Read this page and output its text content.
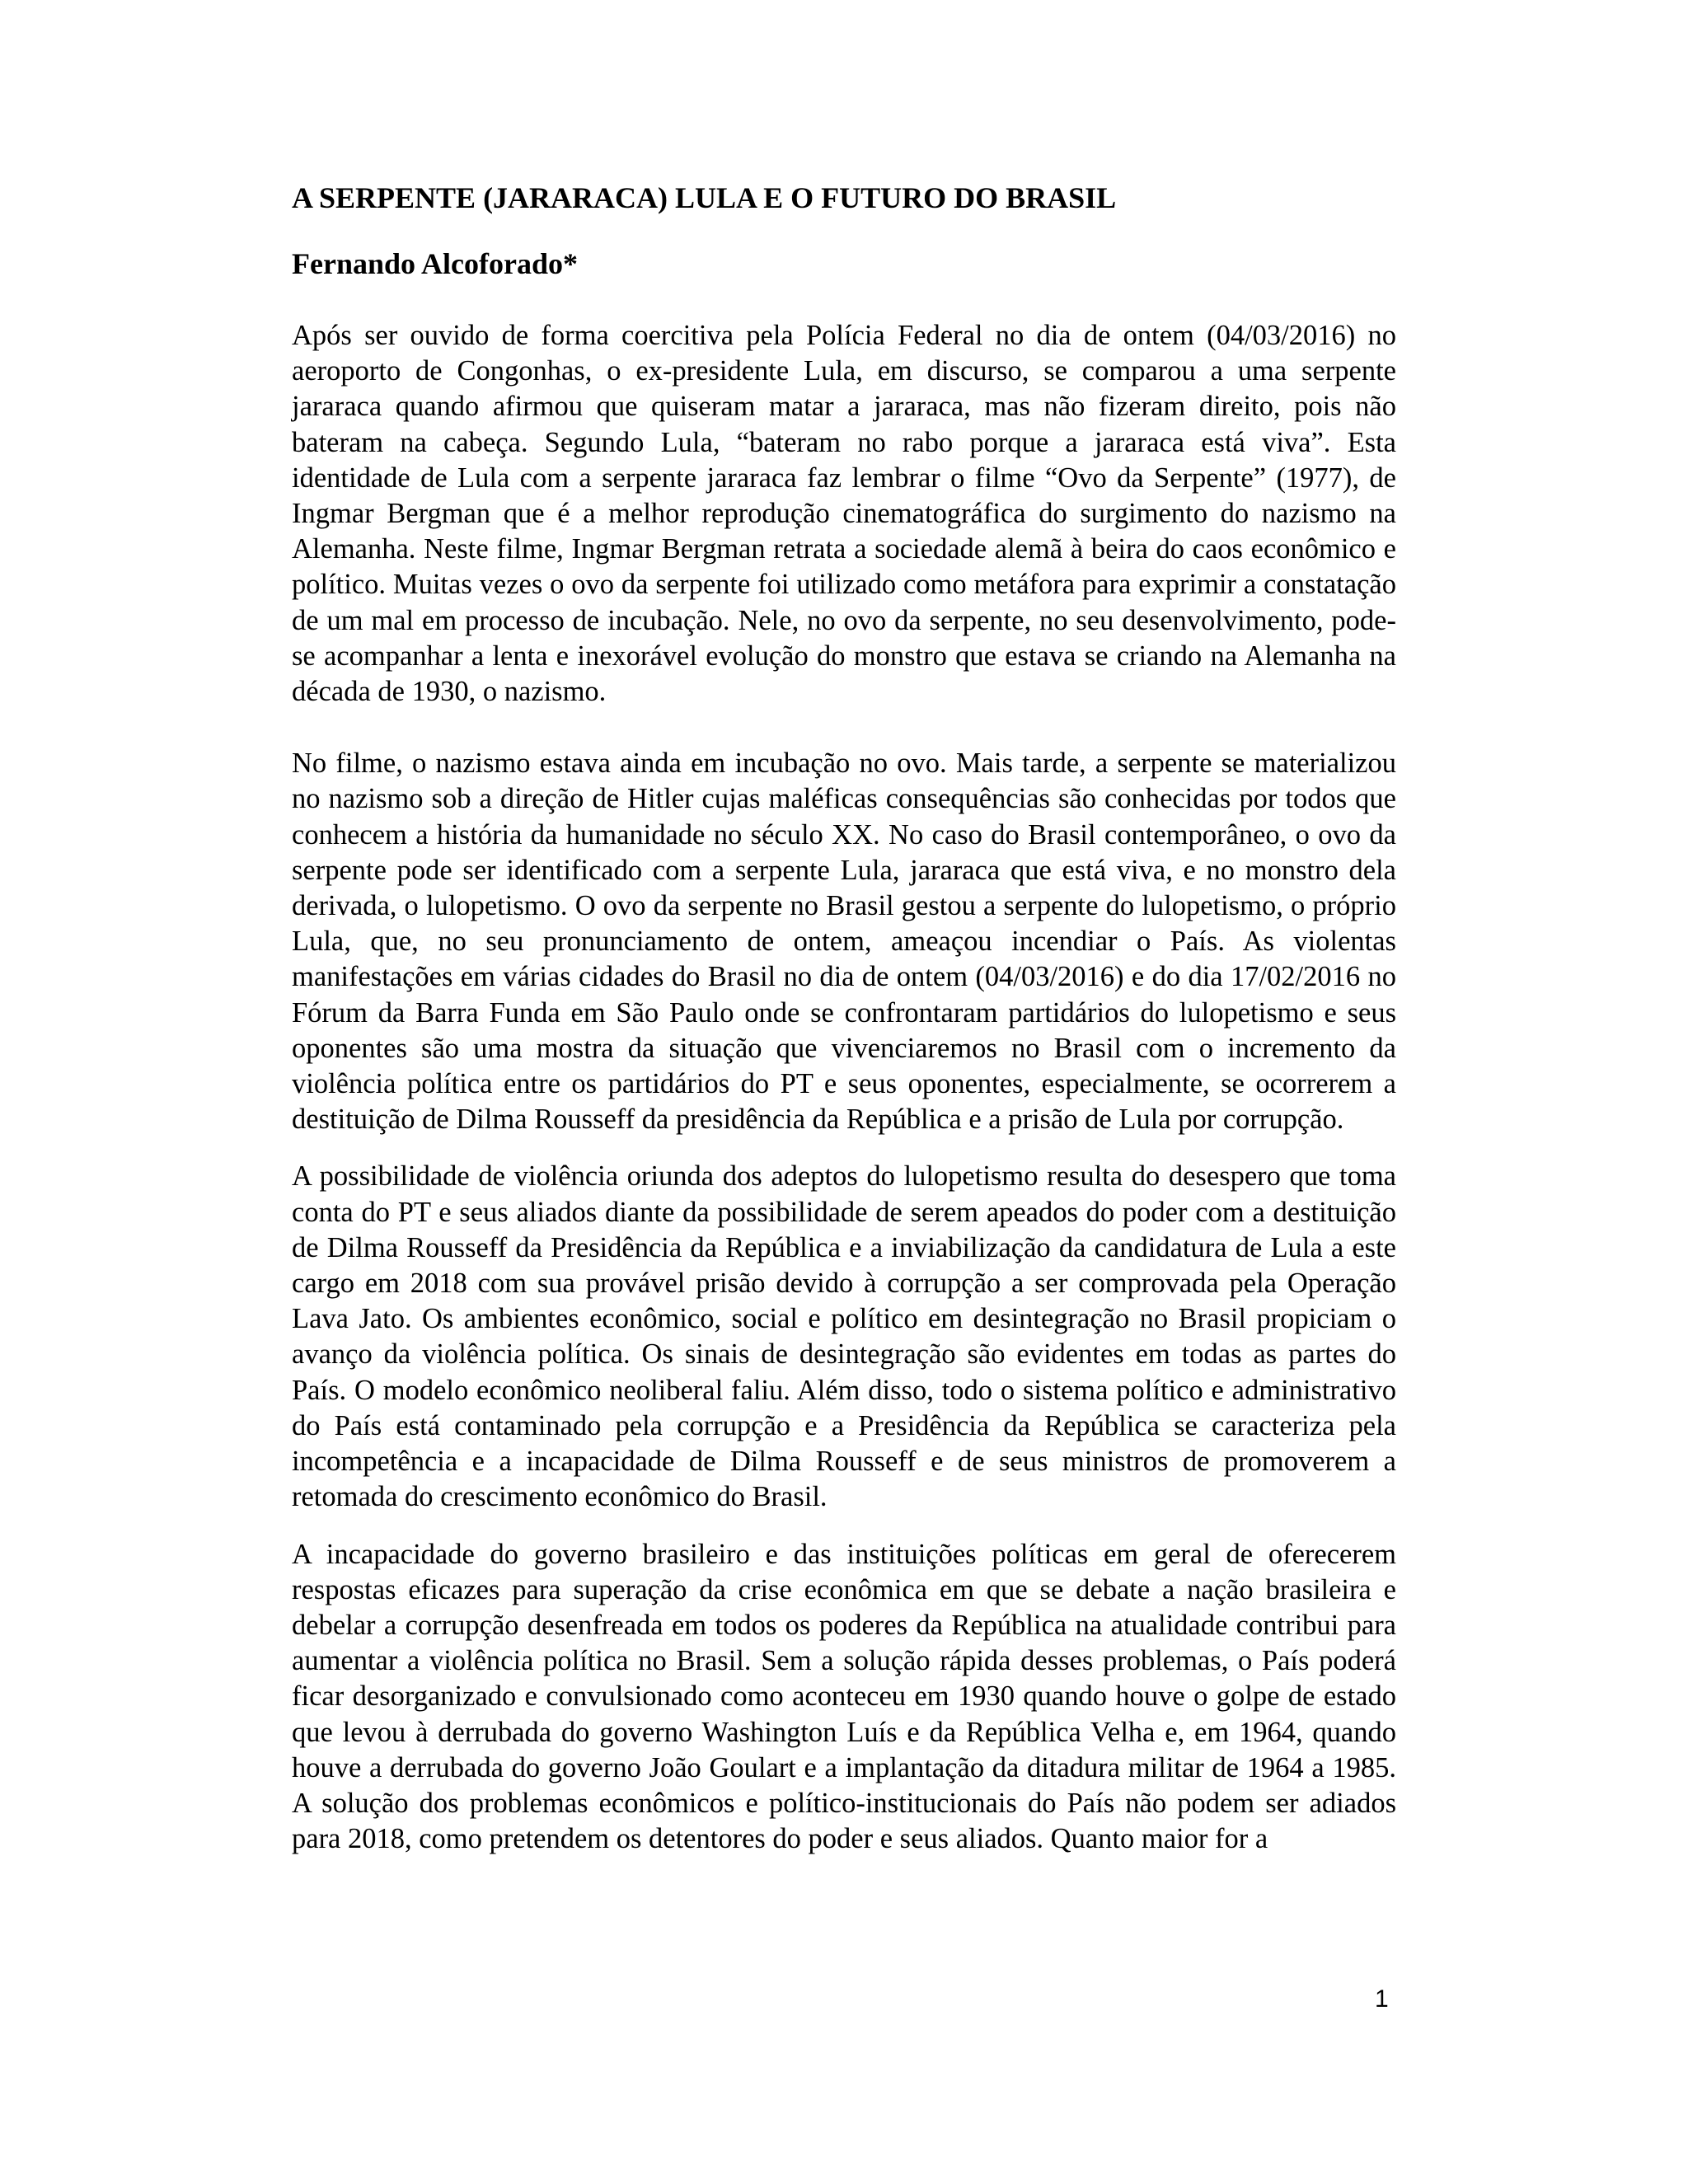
A SERPENTE (JARARACA) LULA E O FUTURO DO BRASIL

Fernando Alcoforado*

Após ser ouvido de forma coercitiva pela Polícia Federal no dia de ontem (04/03/2016) no aeroporto de Congonhas, o ex-presidente Lula, em discurso, se comparou a uma serpente jararaca quando afirmou que quiseram matar a jararaca, mas não fizeram direito, pois não bateram na cabeça. Segundo Lula, “bateram no rabo porque a jararaca está viva”. Esta identidade de Lula com a serpente jararaca faz lembrar o filme “Ovo da Serpente” (1977), de Ingmar Bergman que é a melhor reprodução cinematográfica do surgimento do nazismo na Alemanha. Neste filme, Ingmar Bergman retrata a sociedade alemã à beira do caos econômico e político. Muitas vezes o ovo da serpente foi utilizado como metáfora para exprimir a constatação de um mal em processo de incubação. Nele, no ovo da serpente, no seu desenvolvimento, pode-se acompanhar a lenta e inexorável evolução do monstro que estava se criando na Alemanha na década de 1930, o nazismo.

No filme, o nazismo estava ainda em incubação no ovo. Mais tarde, a serpente se materializou no nazismo sob a direção de Hitler cujas maléficas consequências são conhecidas por todos que conhecem a história da humanidade no século XX. No caso do Brasil contemporâneo, o ovo da serpente pode ser identificado com a serpente Lula, jararaca que está viva, e no monstro dela derivada, o lulopetismo. O ovo da serpente no Brasil gestou a serpente do lulopetismo, o próprio Lula, que, no seu pronunciamento de ontem, ameaçou incendiar o País. As violentas manifestações em várias cidades do Brasil no dia de ontem (04/03/2016) e do dia 17/02/2016 no Fórum da Barra Funda em São Paulo onde se confrontaram partidários do lulopetismo e seus oponentes são uma mostra da situação que vivenciaremos no Brasil com o incremento da violência política entre os partidários do PT e seus oponentes, especialmente, se ocorrerem a destituição de Dilma Rousseff da presidência da República e a prisão de Lula por corrupção.

A possibilidade de violência oriunda dos adeptos do lulopetismo resulta do desespero que toma conta do PT e seus aliados diante da possibilidade de serem apeados do poder com a destituição de Dilma Rousseff da Presidência da República e a inviabilização da candidatura de Lula a este cargo em 2018 com sua provável prisão devido à corrupção a ser comprovada pela Operação Lava Jato. Os ambientes econômico, social e político em desintegração no Brasil propiciam o avanço da violência política. Os sinais de desintegração são evidentes em todas as partes do País. O modelo econômico neoliberal faliu. Além disso, todo o sistema político e administrativo do País está contaminado pela corrupção e a Presidência da República se caracteriza pela incompetência e a incapacidade de Dilma Rousseff e de seus ministros de promoverem a retomada do crescimento econômico do Brasil.

A incapacidade do governo brasileiro e das instituições políticas em geral de oferecerem respostas eficazes para superação da crise econômica em que se debate a nação brasileira e debelar a corrupção desenfreada em todos os poderes da República na atualidade contribui para aumentar a violência política no Brasil. Sem a solução rápida desses problemas, o País poderá ficar desorganizado e convulsionado como aconteceu em 1930 quando houve o golpe de estado que levou à derrubada do governo Washington Luís e da República Velha e, em 1964, quando houve a derrubada do governo João Goulart e a implantação da ditadura militar de 1964 a 1985. A solução dos problemas econômicos e político-institucionais do País não podem ser adiados para 2018, como pretendem os detentores do poder e seus aliados. Quanto maior for a

1
